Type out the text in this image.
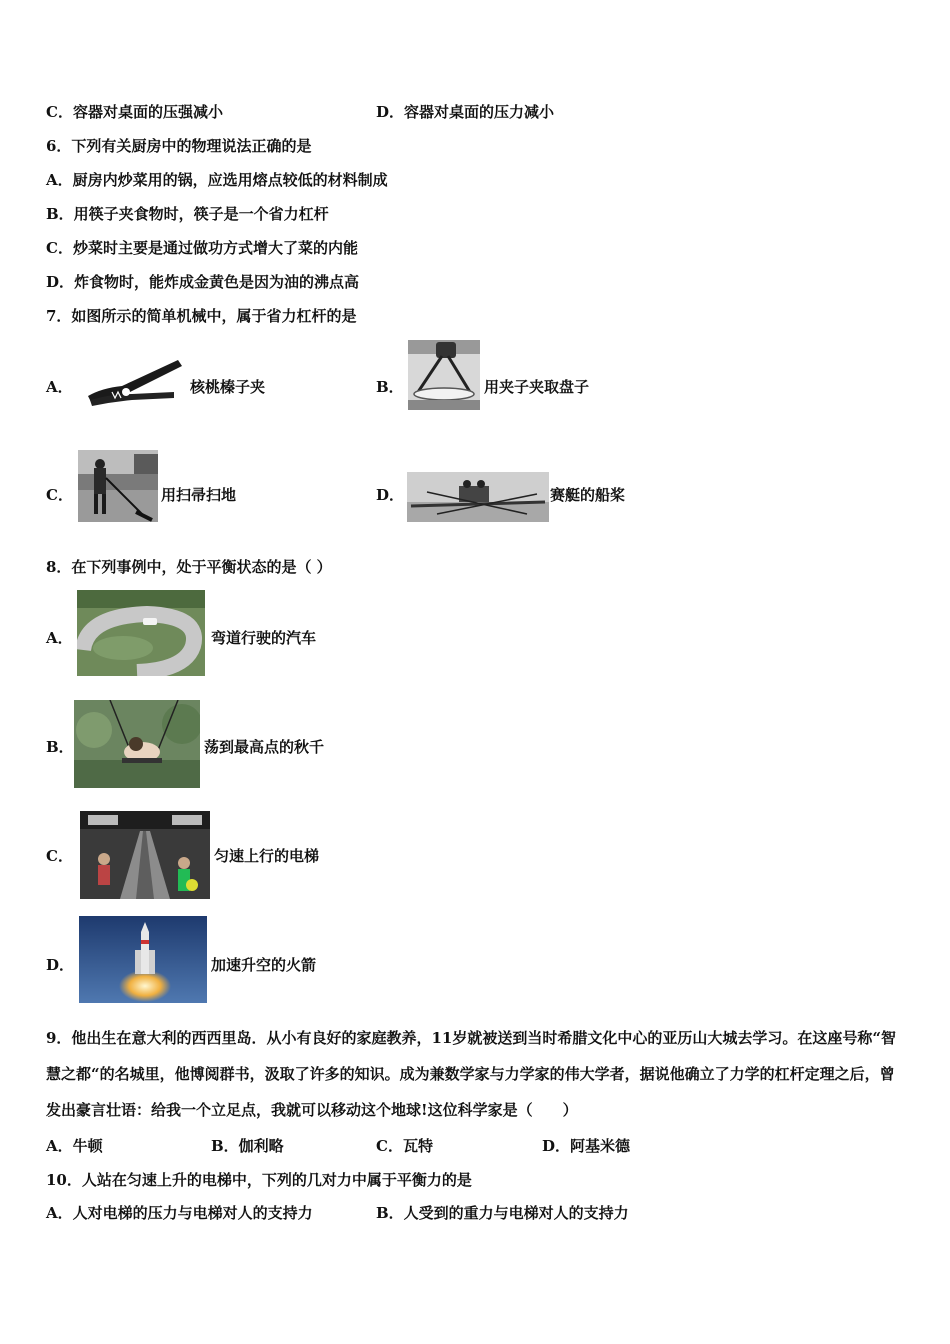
C．容器对桌面的压强减小	D．容器对桌面的压力减小
6．下列有关厨房中的物理说法正确的是
A．厨房内炒菜用的锅，应选用熔点较低的材料制成
B．用筷子夹食物时，筷子是一个省力杠杆
C．炒菜时主要是通过做功方式增大了菜的内能
D．炸食物时，能炸成金黄色是因为油的沸点高
7．如图所示的简单机械中，属于省力杠杆的是
A．	核桃榛子夹	B．	用夹子夹取盘子
C．	用扫帚扫地	D．	赛艇的船桨
8．在下列事例中，处于平衡状态的是（ ）
A．	弯道行驶的汽车
B．	荡到最高点的秋千
C．	匀速上行的电梯
D．	加速升空的火箭
9．他出生在意大利的西西里岛．从小有良好的家庭教养，11岁就被送到当时希腊文化中心的亚历山大城去学习。在这座号称“智慧之都“的名城里，他博阅群书，汲取了许多的知识。成为兼数学家与力学家的伟大学者，据说他确立了力学的杠杆定理之后，曾发出豪言壮语：给我一个立足点，我就可以移动这个地球!这位科学家是（　　）
A．牛顿	B．伽利略	C．瓦特	D．阿基米德
10．人站在匀速上升的电梯中，下列的几对力中属于平衡力的是
A．人对电梯的压力与电梯对人的支持力	B．人受到的重力与电梯对人的支持力
